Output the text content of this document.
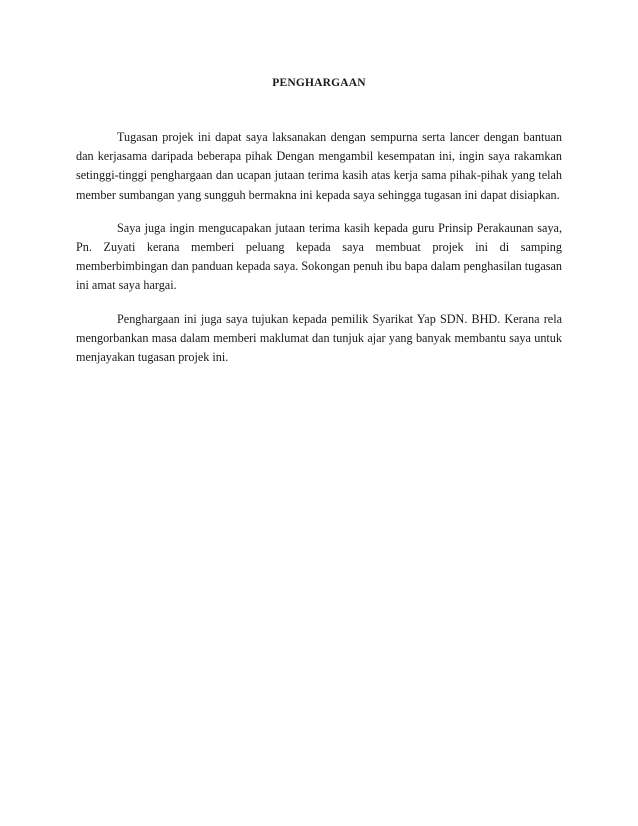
PENGHARGAAN

Tugasan projek ini dapat saya laksanakan dengan sempurna serta lancer dengan bantuan dan kerjasama daripada beberapa pihak Dengan mengambil kesempatan ini, ingin saya rakamkan setinggi-tinggi penghargaan dan ucapan jutaan terima kasih atas kerja sama pihak-pihak yang telah member sumbangan yang sungguh bermakna ini kepada saya sehingga tugasan ini dapat disiapkan.

Saya juga ingin mengucapakan jutaan terima kasih kepada guru Prinsip Perakaunan saya, Pn. Zuyati kerana memberi peluang kepada saya membuat projek ini di samping memberbimbingan dan panduan kepada saya. Sokongan penuh ibu bapa dalam penghasilan tugasan ini amat saya hargai.

Penghargaan ini juga saya tujukan kepada pemilik Syarikat Yap SDN. BHD. Kerana rela mengorbankan masa dalam memberi maklumat dan tunjuk ajar yang banyak membantu saya untuk menjayakan tugasan projek ini.
